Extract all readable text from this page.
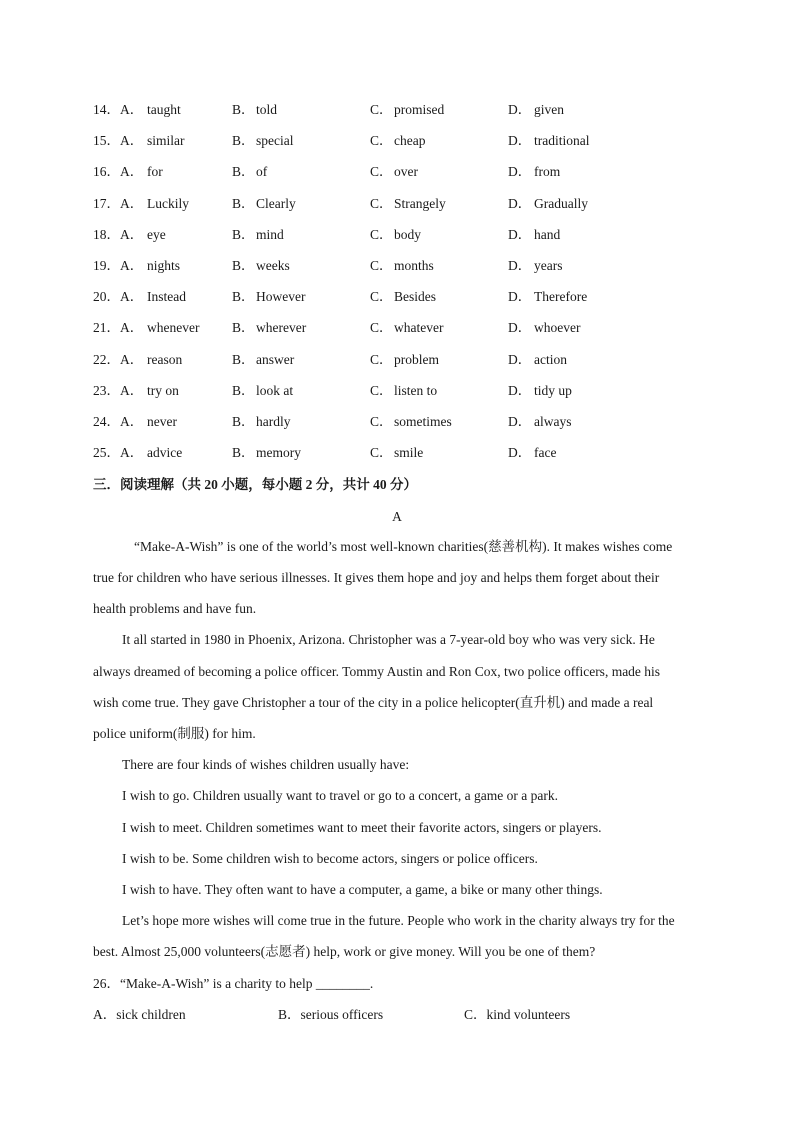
14．A． taught	B． told	C． promised	D． given
15．A． similar	B． special	C． cheap	D． traditional
16．A． for	B． of	C． over	D． from
17．A． Luckily	B． Clearly	C． Strangely	D． Gradually
18．A． eye	B． mind	C． body	D． hand
19．A． nights	B． weeks	C． months	D． years
20．A． Instead	B． However	C． Besides	D． Therefore
21．A． whenever B． wherever	C． whatever	D． whoever
22．A． reason	B． answer	C． problem	D． action
23．A． try on	B． look at	C． listen to	D． tidy up
24．A． never	B． hardly	C． sometimes	D． always
25．A． advice	B． memory	C． smile	D． face
三．阅读理解（共 20 小题，每小题 2 分，共计 40 分）
A
“Make-A-Wish” is one of the world’s most well-known charities(慈善机构). It makes wishes come
true for children who have serious illnesses. It gives them hope and joy and helps them forget about their
health problems and have fun.
It all started in 1980 in Phoenix, Arizona. Christopher was a 7-year-old boy who was very sick. He
always dreamed of becoming a police officer. Tommy Austin and Ron Cox, two police officers, made his
wish come true. They gave Christopher a tour of the city in a police helicopter(直升机) and made a real
police uniform(制服) for him.
There are four kinds of wishes children usually have:
I wish to go. Children usually want to travel or go to a concert, a game or a park.
I wish to meet. Children sometimes want to meet their favorite actors, singers or players.
I wish to be. Some children wish to become actors, singers or police officers.
I wish to have. They often want to have a computer, a game, a bike or many other things.
Let’s hope more wishes will come true in the future. People who work in the charity always try for the
best. Almost 25,000 volunteers(志愿者) help, work or give money. Will you be one of them?
26．“Make-A-Wish” is a charity to help ________.
A．sick children	B．serious officers	C．kind volunteers
